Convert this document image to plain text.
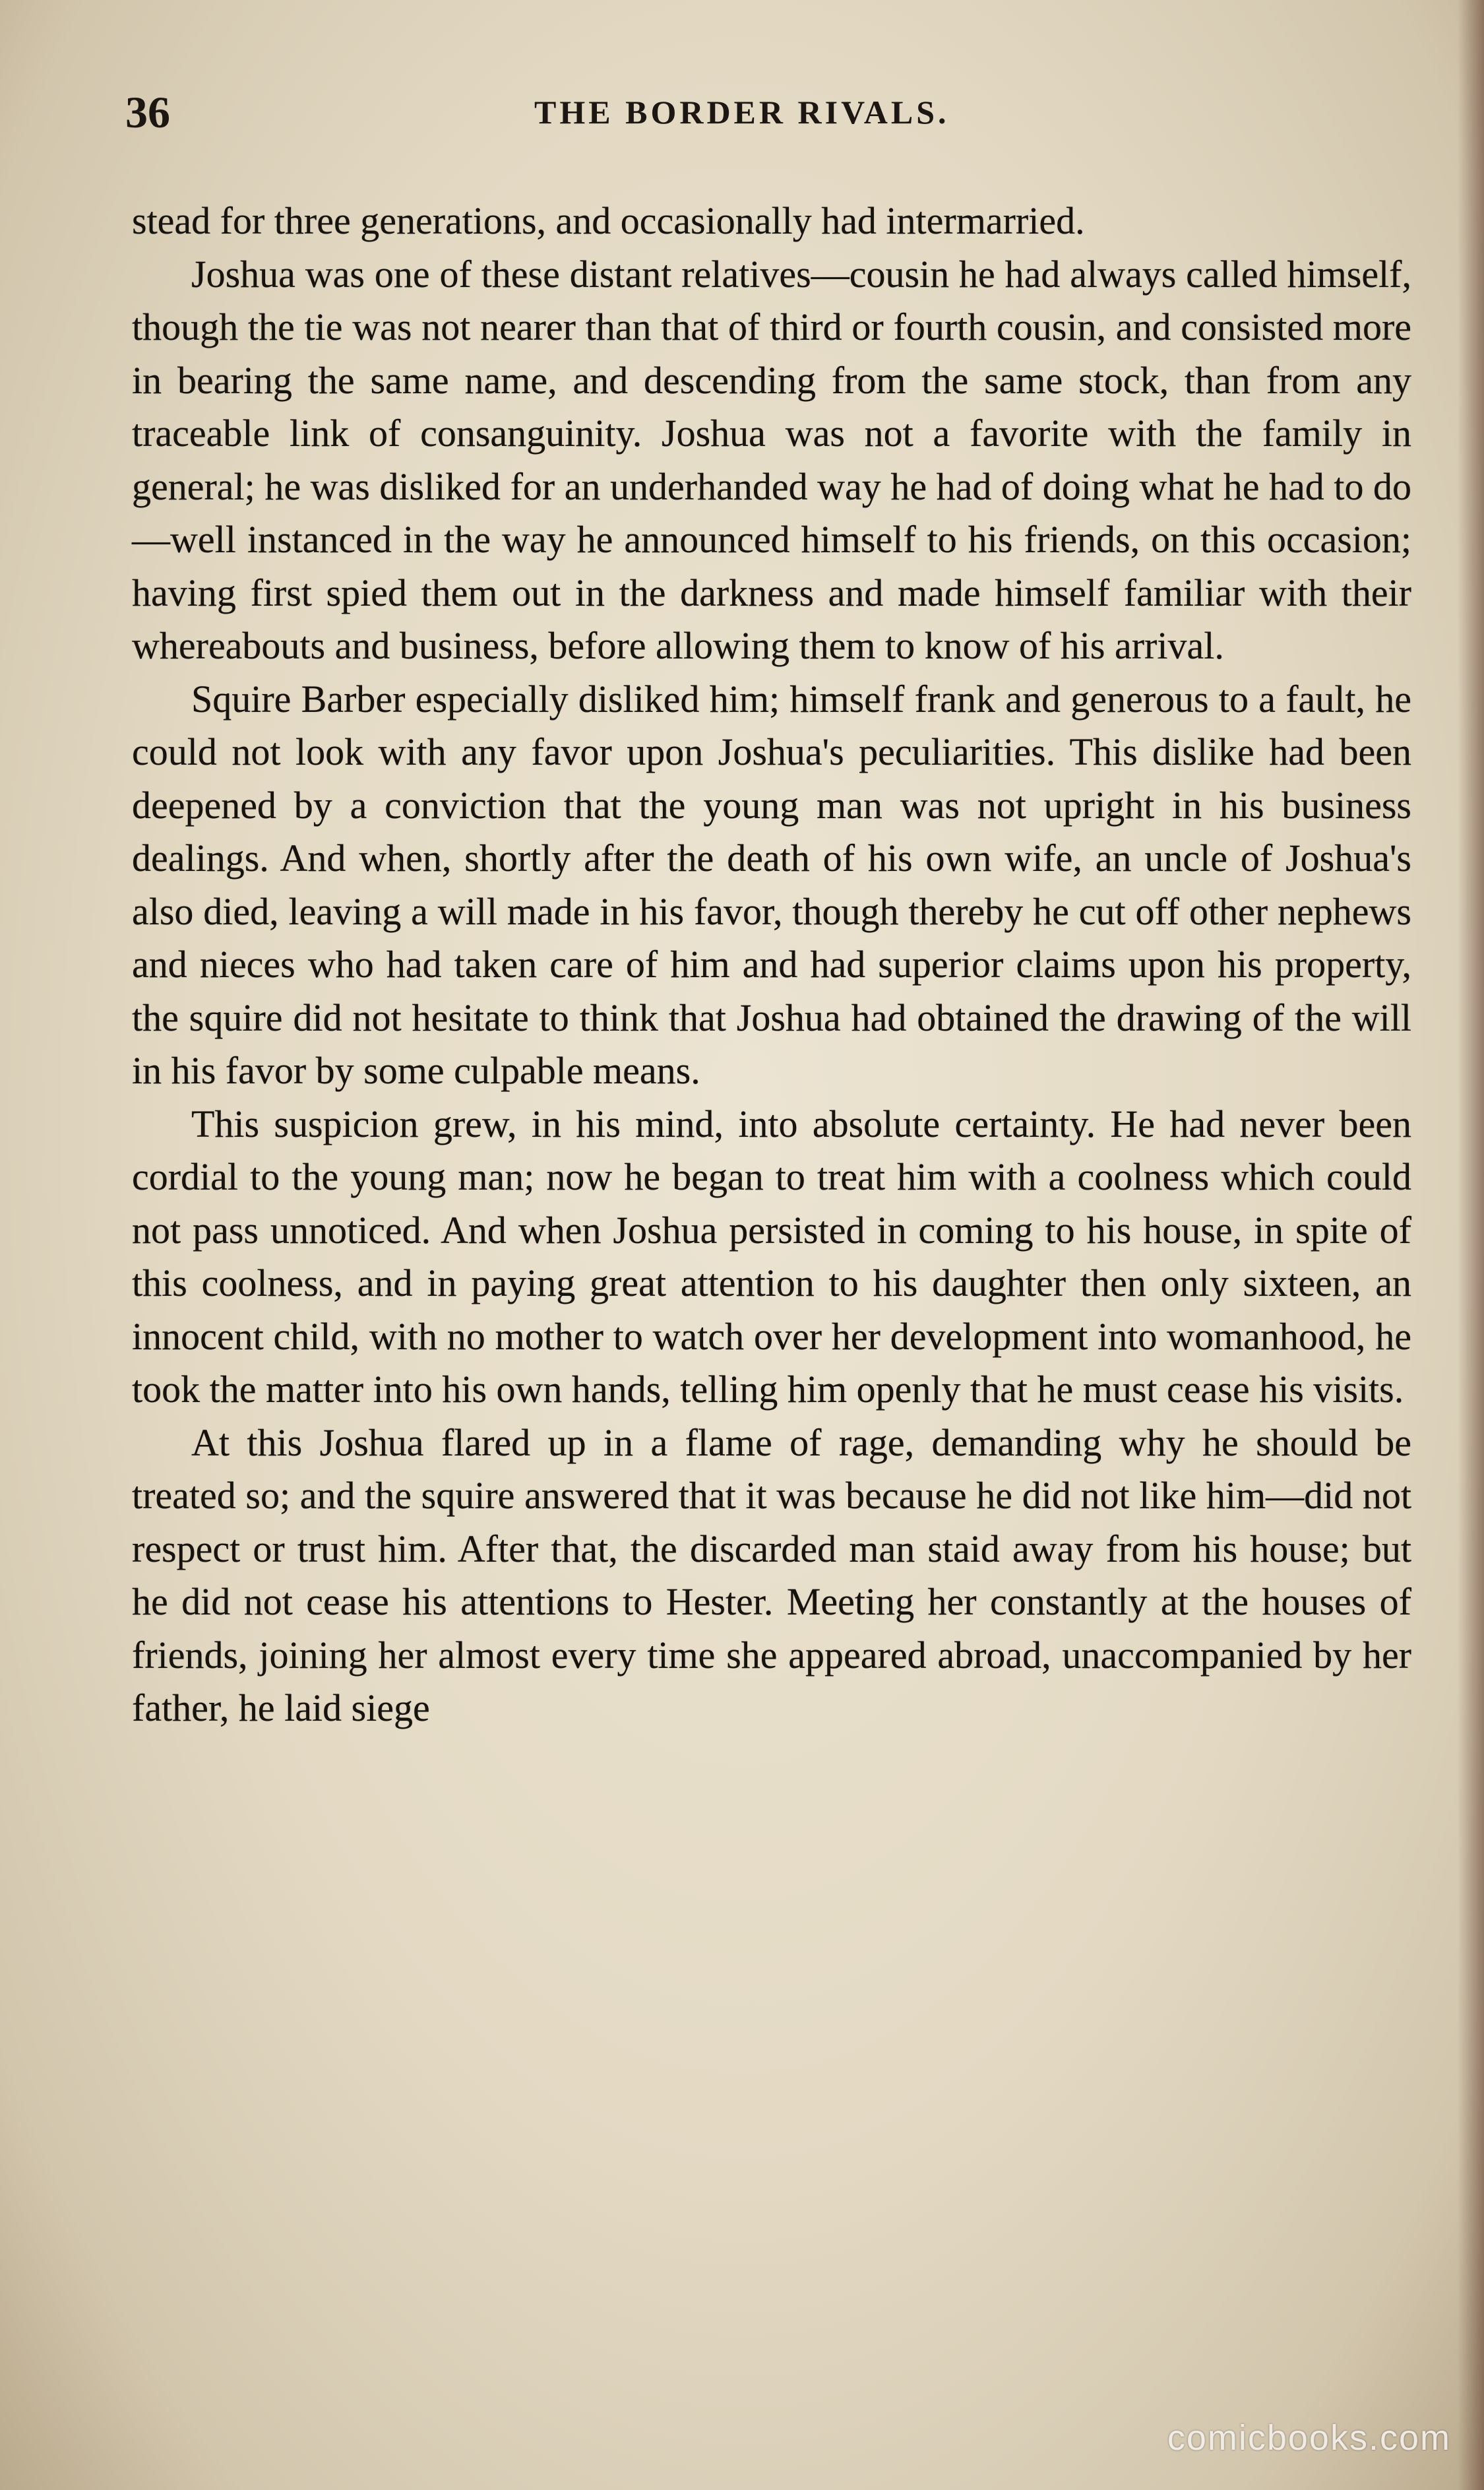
36	THE BORDER RIVALS.

stead for three generations, and occasionally had intermarried.

Joshua was one of these distant relatives—cousin he had always called himself, though the tie was not nearer than that of third or fourth cousin, and consisted more in bearing the same name, and descending from the same stock, than from any traceable link of consanguinity. Joshua was not a favorite with the family in general; he was disliked for an underhanded way he had of doing what he had to do—well instanced in the way he announced himself to his friends, on this occasion; having first spied them out in the darkness and made himself familiar with their whereabouts and business, before allowing them to know of his arrival.

Squire Barber especially disliked him; himself frank and generous to a fault, he could not look with any favor upon Joshua's peculiarities. This dislike had been deepened by a conviction that the young man was not upright in his business dealings. And when, shortly after the death of his own wife, an uncle of Joshua's also died, leaving a will made in his favor, though thereby he cut off other nephews and nieces who had taken care of him and had superior claims upon his property, the squire did not hesitate to think that Joshua had obtained the drawing of the will in his favor by some culpable means.

This suspicion grew, in his mind, into absolute certainty. He had never been cordial to the young man; now he began to treat him with a coolness which could not pass unnoticed. And when Joshua persisted in coming to his house, in spite of this coolness, and in paying great attention to his daughter then only sixteen, an innocent child, with no mother to watch over her development into womanhood, he took the matter into his own hands, telling him openly that he must cease his visits.

At this Joshua flared up in a flame of rage, demanding why he should be treated so; and the squire answered that it was because he did not like him—did not respect or trust him. After that, the discarded man staid away from his house; but he did not cease his attentions to Hester. Meeting her constantly at the houses of friends, joining her almost every time she appeared abroad, unaccompanied by her father, he laid siege

comicbooks.com
